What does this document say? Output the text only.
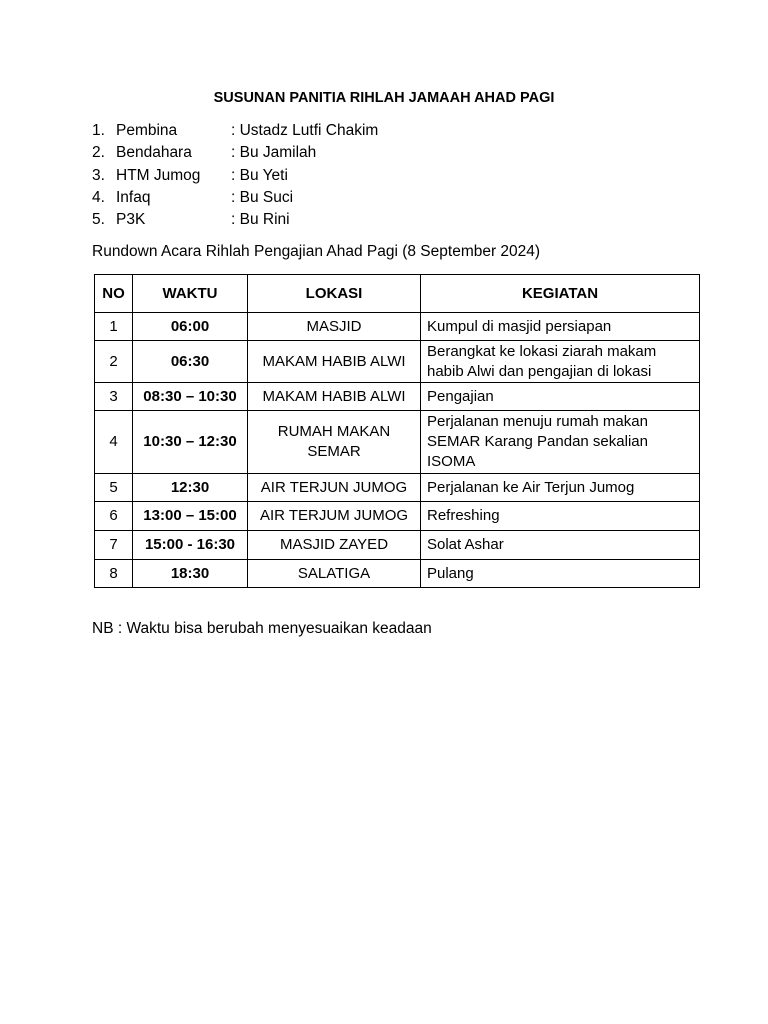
SUSUNAN PANITIA RIHLAH JAMAAH AHAD PAGI
1. Pembina	: Ustadz Lutfi Chakim
2. Bendahara	: Bu Jamilah
3. HTM Jumog	: Bu Yeti
4. Infaq	: Bu Suci
5. P3K	: Bu Rini
Rundown Acara Rihlah Pengajian Ahad Pagi (8 September 2024)
NO	WAKTU	LOKASI	KEGIATAN
1	06:00	MASJID	Kumpul di masjid persiapan
2	06:30	MAKAM HABIB ALWI	Berangkat ke lokasi ziarah makam habib Alwi dan pengajian di lokasi
3	08:30 – 10:30	MAKAM HABIB ALWI	Pengajian
4	10:30 – 12:30	RUMAH MAKAN SEMAR	Perjalanan menuju rumah makan SEMAR Karang Pandan sekalian ISOMA
5	12:30	AIR TERJUN JUMOG	Perjalanan ke Air Terjun Jumog
6	13:00 – 15:00	AIR TERJUM JUMOG	Refreshing
7	15:00 - 16:30	MASJID ZAYED	Solat Ashar
8	18:30	SALATIGA	Pulang
NB : Waktu bisa berubah menyesuaikan keadaan
